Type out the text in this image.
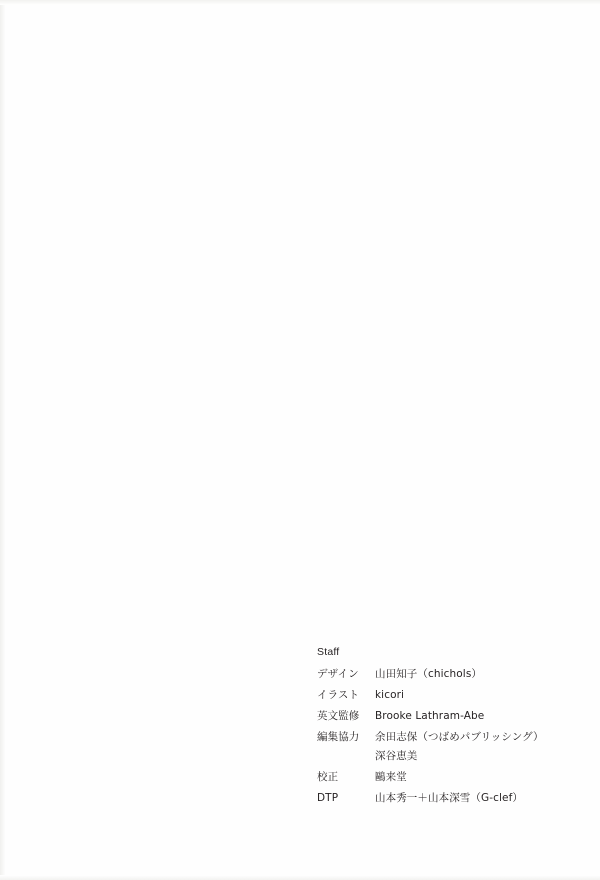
Staff
デザイン	山田知子（chichols）
イラスト	kicori
英文監修	Brooke Lathram-Abe
編集協力	余田志保（つばめパブリッシング）
深谷恵美
校正	鷗来堂
DTP	山本秀一＋山本深雪（G-clef）
